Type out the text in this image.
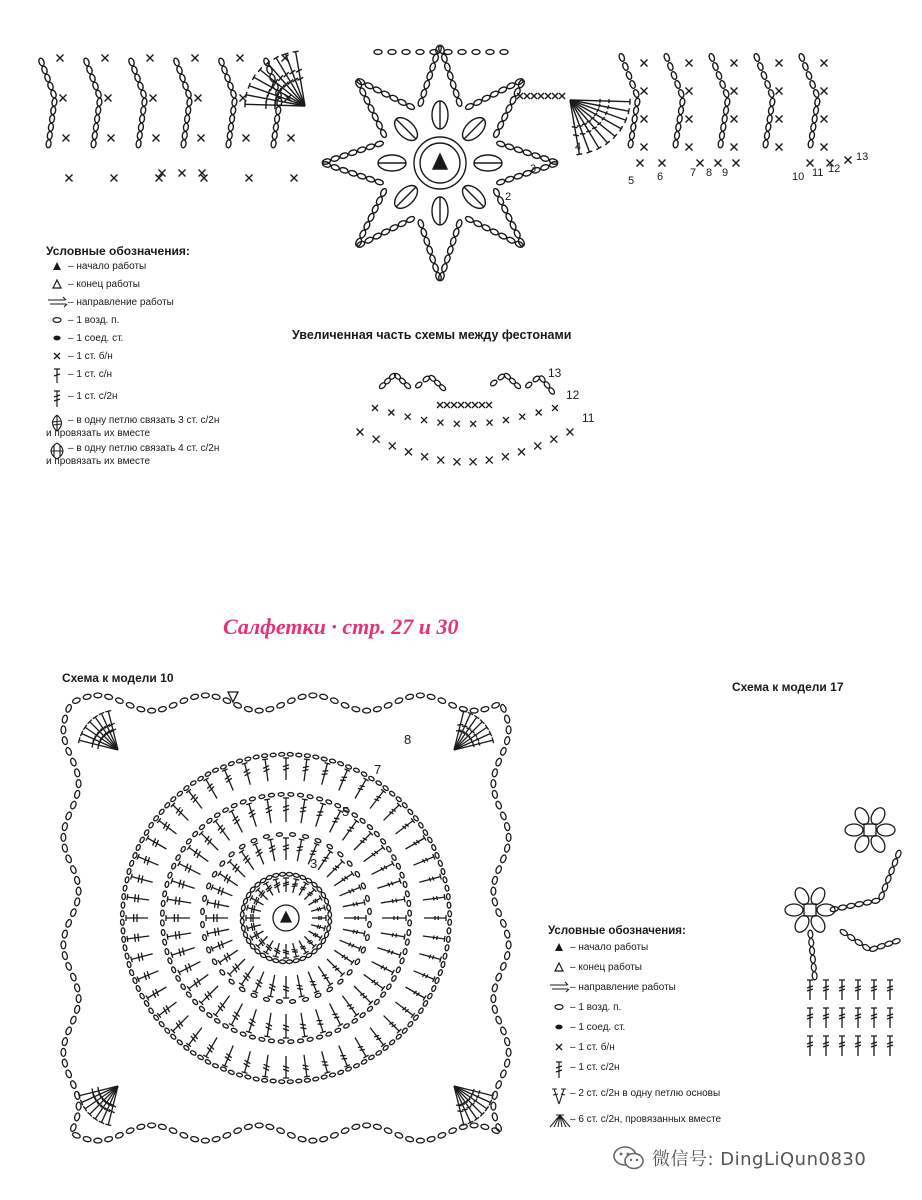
2
3
4
5 6 7 8 9	10 11 12
13
Условные обозначения:
– начало работы
– конец работы
– направление работы
– 1 возд. п.
– 1 соед. ст.
– 1 ст. б/н
– 1 ст. с/н
– 1 ст. с/2н
– в одну петлю связать 3 ст. с/2н
и провязать их вместе
– в одну петлю связать 4 ст. с/2н
и провязать их вместе
Увеличенная часть схемы между фестонами
13
12
11
Салфетки · стр. 27 и 30
Схема к модели 10
3
5
7
8
Схема к модели 17
Условные обозначения:
– начало работы
– конец работы
– направление работы
– 1 возд. п.
– 1 соед. ст.
– 1 ст. б/н
– 1 ст. с/2н
– 2 ст. с/2н в одну петлю основы
– 6 ст. с/2н, провязанных вместе
微信号: DingLiQun0830
